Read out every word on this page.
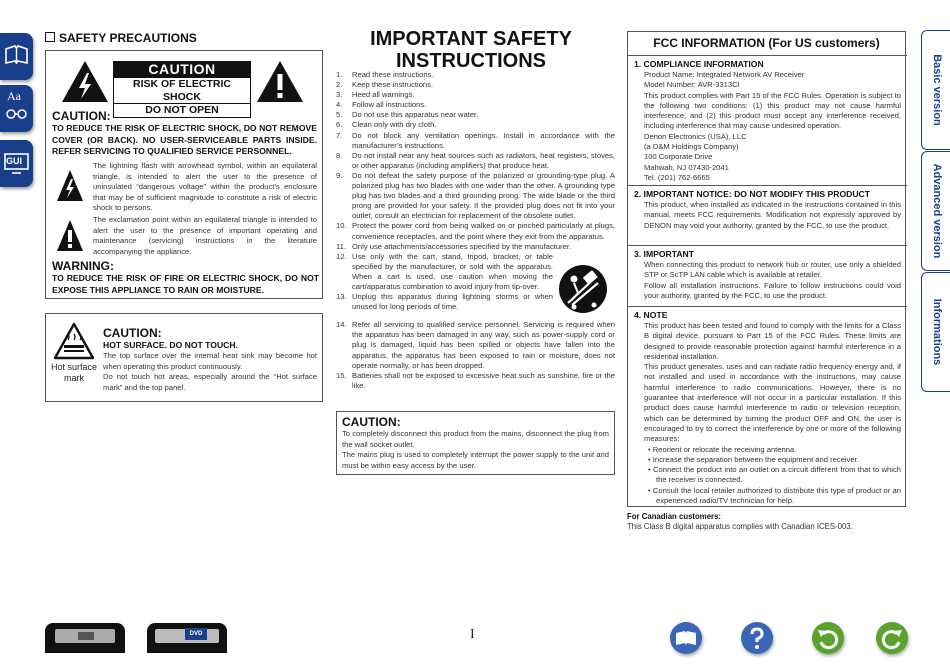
Aa
GUI
Basic version
Advanced version
Informations
SAFETY PRECAUTIONS
CAUTION
RISK OF ELECTRIC SHOCK
DO NOT OPEN
CAUTION:
TO REDUCE THE RISK OF ELECTRIC SHOCK, DO NOT REMOVE COVER (OR BACK). NO USER-SERVICEABLE PARTS INSIDE. REFER SERVICING TO QUALIFIED SERVICE PERSONNEL.
The lightning flash with arrowhead symbol, within an equilateral triangle, is intended to alert the user to the presence of uninsulated “dangerous voltage” within the product’s enclosure that may be of sufficient magnitude to constitute a risk of electric shock to persons.
The exclamation point within an equilateral triangle is intended to alert the user to the presence of important operating and maintenance (servicing) instructions in the literature accompanying the appliance.
WARNING:
TO REDUCE THE RISK OF FIRE OR ELECTRIC SHOCK, DO NOT EXPOSE THIS APPLIANCE TO RAIN OR MOISTURE.
Hot surface mark
CAUTION:
HOT SURFACE. DO NOT TOUCH.
The top surface over the internal heat sink may become hot when operating this product continuously.
Do not touch hot areas, especially around the “Hot surface mark” and the top panel.
IMPORTANT SAFETY
INSTRUCTIONS
1. Read these instructions.
2. Keep these instructions.
3. Heed all warnings.
4. Follow all instructions.
5. Do not use this apparatus near water.
6. Clean only with dry cloth.
7. Do not block any ventilation openings. Install in accordance with the manufacturer’s instructions.
8. Do not install near any heat sources such as radiators, heat registers, stoves, or other apparatus (including amplifiers) that produce heat.
9. Do not defeat the safety purpose of the polarized or grounding-type plug. A polarized plug has two blades with one wider than the other. A grounding type plug has two blades and a third grounding prong. The wide blade or the third prong are provided for your safety. If the provided plug does not fit into your outlet, consult an electrician for replacement of the obsolete outlet.
10. Protect the power cord from being walked on or pinched particularly at plugs, convenience receptacles, and the point where they exit from the apparatus.
11. Only use attachments/accessories specified by the manufacturer.
12. Use only with the cart, stand, tripod, bracket, or table specified by the manufacturer, or sold with the apparatus. When a cart is used, use caution when moving the cart/apparatus combination to avoid injury from tip-over.
13. Unplug this apparatus during lightning storms or when unused for long periods of time.
14. Refer all servicing to qualified service personnel. Servicing is required when the apparatus has been damaged in any way, such as power-supply cord or plug is damaged, liquid has been spilled or objects have fallen into the apparatus, the apparatus has been exposed to rain or moisture, does not operate normally, or has been dropped.
15. Batteries shall not be exposed to excessive heat such as sunshine, fire or the like.
CAUTION:
To completely disconnect this product from the mains, disconnect the plug from the wall socket outlet.
The mains plug is used to completely interrupt the power supply to the unit and must be within easy access by the user.
FCC INFORMATION (For US customers)
1. COMPLIANCE INFORMATION
Product Name: Integrated Network AV Receiver
Model Number: AVR-3313CI
This product complies with Part 15 of the FCC Rules. Operation is subject to the following two conditions: (1) this product may not cause harmful interference, and (2) this product must accept any interference received, including interference that may cause undesired operation.
Denon Electronics (USA), LLC
(a D&M Holdings Company)
100 Corporate Drive
Mahwah, NJ 07430-2041
Tel. (201) 762-6665
2. IMPORTANT NOTICE: DO NOT MODIFY THIS PRODUCT
This product, when installed as indicated in the instructions contained in this manual, meets FCC requirements. Modification not expressly approved by DENON may void your authority, granted by the FCC, to use the product.
3. IMPORTANT
When connecting this product to network hub or router, use only a shielded STP or ScTP LAN cable which is available at retailer.
Follow all installation instructions. Failure to follow instructions could void your authority, granted by the FCC, to use the product.
4. NOTE
This product has been tested and found to comply with the limits for a Class B digital device, pursuant to Part 15 of the FCC Rules. These limits are designed to provide reasonable protection against harmful interference in a residential installation.
This product generates, uses and can radiate radio frequency energy and, if not installed and used in accordance with the instructions, may cause harmful interference to radio communications. However, there is no guarantee that interference will not occur in a particular installation. If this product does cause harmful interference to radio or television reception, which can be determined by turning the product OFF and ON, the user is encouraged to try to correct the interference by one or more of the following measures:
• Reorient or relocate the receiving antenna.
• Increase the separation between the equipment and receiver.
• Connect the product into an outlet on a circuit different from that to which the receiver is connected.
• Consult the local retailer authorized to distribute this type of product or an experienced radio/TV technician for help.
For Canadian customers:
This Class B digital apparatus complies with Canadian ICES-003.
DVD	I
